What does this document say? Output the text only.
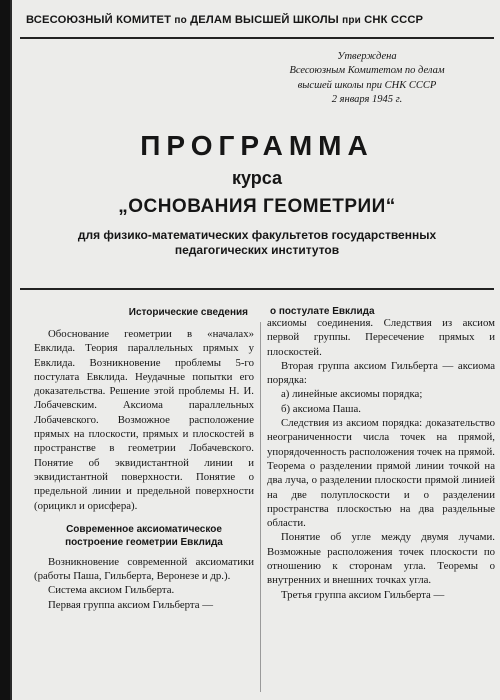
ВСЕСОЮЗНЫЙ КОМИТЕТ по ДЕЛАМ ВЫСШЕЙ ШКОЛЫ при СНК СССР
Утверждена
Всесоюзным Комитетом по делам
высшей школы при СНК СССР
2 января 1945 г.
ПРОГРАММА
курса
„ОСНОВАНИЯ ГЕОМЕТРИИ“
для физико-математических факультетов государственных
педагогических институтов
о постулате Евклида
Исторические сведения

Обоснование геометрии в «началах» Евклида. Теория параллельных прямых у Евклида. Возникновение проблемы 5-го постулата Евклида. Неудачные попытки его доказательства. Решение этой проблемы Н. И. Лобачевским. Аксиома параллельных Лобачевского. Возможное расположение прямых на плоскости, прямых и плоскостей в пространстве в геометрии Лобачевского. Понятие об эквидистантной линии и эквидистантной поверхности. Понятие о предельной линии и предельной поверхности (орицикл и орисфера).

Современное аксиоматическое
построение геометрии Евклида

Возникновение современной аксиоматики (работы Паша, Гильберта, Веронезе и др.).

Система аксиом Гильберта.

Первая группа аксиом Гильберта —

аксиомы соединения. Следствия из аксиом первой группы. Пересечение прямых и плоскостей.

Вторая группа аксиом Гильберта — аксиома порядка:

а) линейные аксиомы порядка;

б) аксиома Паша.

Следствия из аксиом порядка: доказательство неограниченности числа точек на прямой, упорядоченность расположения точек на прямой. Теорема о разделении прямой линии точкой на два луча, о разделении плоскости прямой линией на две полуплоскости и о разделении пространства плоскостью на два раздельные области.

Понятие об угле между двумя лучами. Возможные расположения точек плоскости по отношению к сторонам угла. Теоремы о внутренних и внешних точках угла.

Третья группа аксиом Гильберта —
